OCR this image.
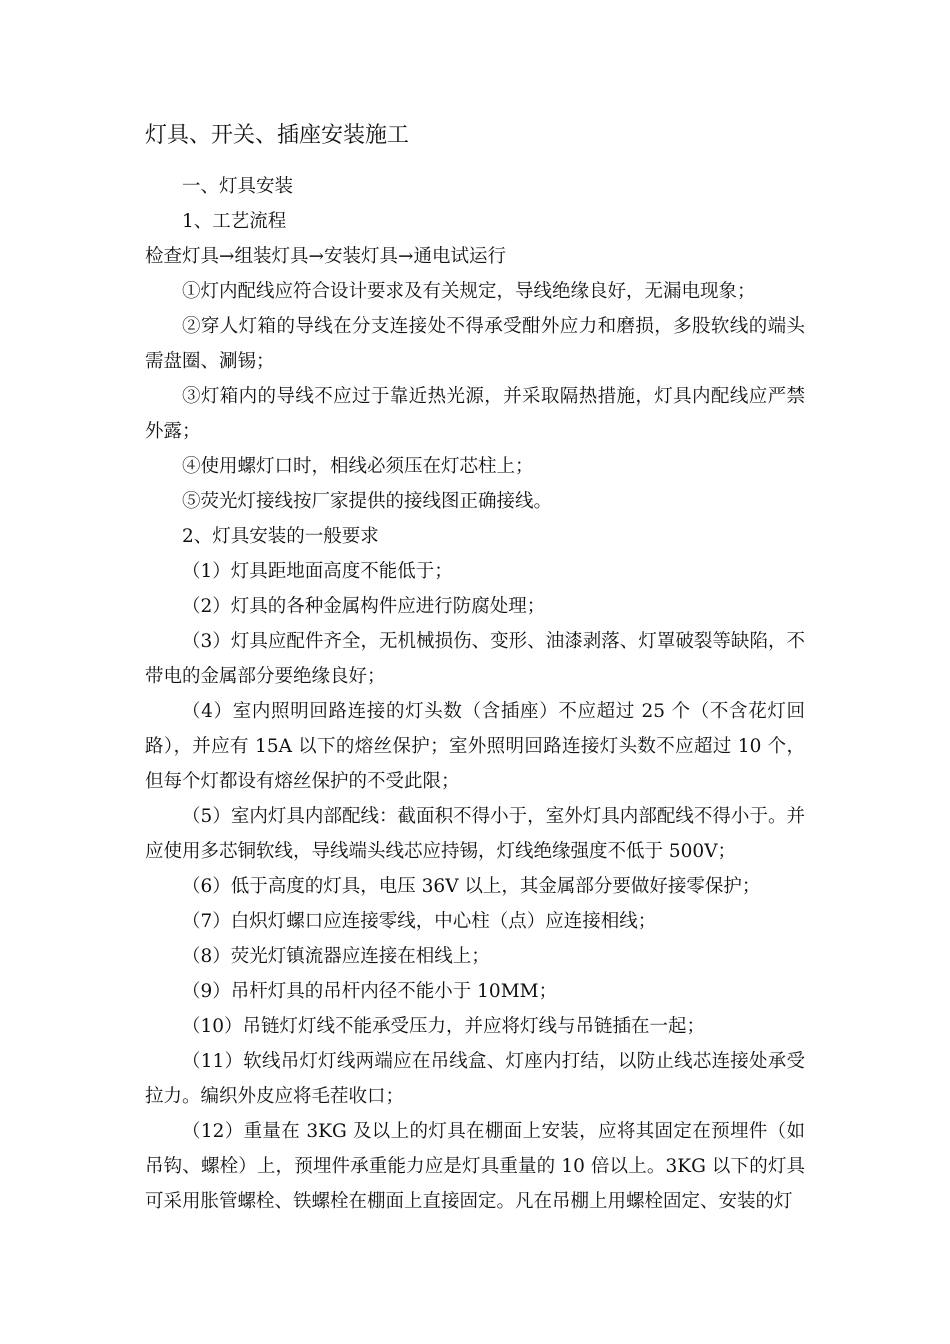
灯具、开关、插座安装施工

一、灯具安装

1、工艺流程

检查灯具→组装灯具→安装灯具→通电试运行

①灯内配线应符合设计要求及有关规定，导线绝缘良好，无漏电现象；

②穿人灯箱的导线在分支连接处不得承受酣外应力和磨损，多股软线的端头需盘圈、涮锡；

③灯箱内的导线不应过于靠近热光源，并采取隔热措施，灯具内配线应严禁外露；

④使用螺灯口时，相线必须压在灯芯柱上；

⑤荧光灯接线按厂家提供的接线图正确接线。

2、灯具安装的一般要求

（1）灯具距地面高度不能低于；

（2）灯具的各种金属构件应进行防腐处理；

（3）灯具应配件齐全，无机械损伤、变形、油漆剥落、灯罩破裂等缺陷，不带电的金属部分要绝缘良好；

（4）室内照明回路连接的灯头数（含插座）不应超过 25 个（不含花灯回路），并应有 15A 以下的熔丝保护；室外照明回路连接灯头数不应超过 10 个，但每个灯都设有熔丝保护的不受此限；

（5）室内灯具内部配线：截面积不得小于，室外灯具内部配线不得小于。并应使用多芯铜软线，导线端头线芯应持锡，灯线绝缘强度不低于 500V；

（6）低于高度的灯具，电压 36V 以上，其金属部分要做好接零保护；

（7）白炽灯螺口应连接零线，中心柱（点）应连接相线；

（8）荧光灯镇流器应连接在相线上；

（9）吊杆灯具的吊杆内径不能小于 10MM；

（10）吊链灯灯线不能承受压力，并应将灯线与吊链插在一起；

（11）软线吊灯灯线两端应在吊线盒、灯座内打结，以防止线芯连接处承受拉力。编织外皮应将毛茬收口；

（12）重量在 3KG 及以上的灯具在棚面上安装，应将其固定在预埋件（如吊钩、螺栓）上，预埋件承重能力应是灯具重量的 10 倍以上。3KG 以下的灯具可采用胀管螺栓、铁螺栓在棚面上直接固定。凡在吊棚上用螺栓固定、安装的灯
